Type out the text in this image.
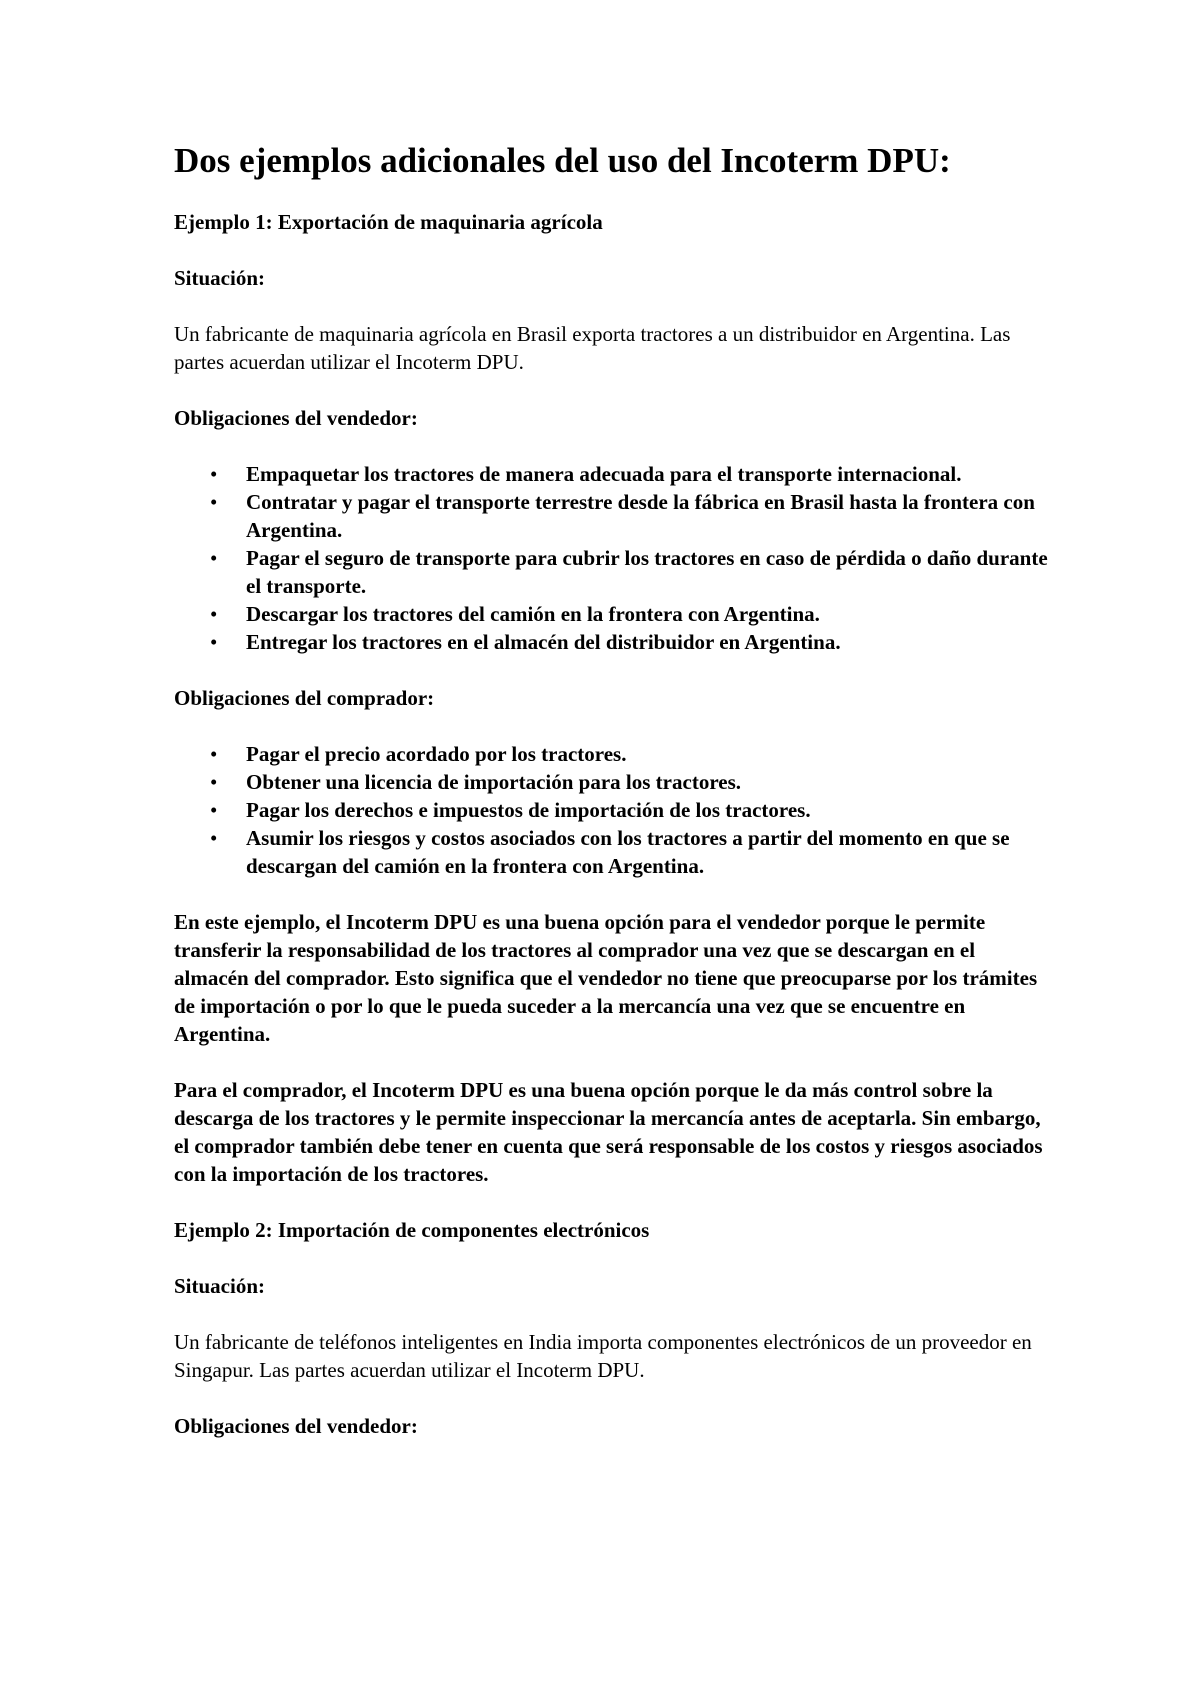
Dos ejemplos adicionales del uso del Incoterm DPU:

Ejemplo 1: Exportación de maquinaria agrícola

Situación:

Un fabricante de maquinaria agrícola en Brasil exporta tractores a un distribuidor en Argentina. Las partes acuerdan utilizar el Incoterm DPU.

Obligaciones del vendedor:

• Empaquetar los tractores de manera adecuada para el transporte internacional.
• Contratar y pagar el transporte terrestre desde la fábrica en Brasil hasta la frontera con Argentina.
• Pagar el seguro de transporte para cubrir los tractores en caso de pérdida o daño durante el transporte.
• Descargar los tractores del camión en la frontera con Argentina.
• Entregar los tractores en el almacén del distribuidor en Argentina.

Obligaciones del comprador:

• Pagar el precio acordado por los tractores.
• Obtener una licencia de importación para los tractores.
• Pagar los derechos e impuestos de importación de los tractores.
• Asumir los riesgos y costos asociados con los tractores a partir del momento en que se descargan del camión en la frontera con Argentina.

En este ejemplo, el Incoterm DPU es una buena opción para el vendedor porque le permite transferir la responsabilidad de los tractores al comprador una vez que se descargan en el almacén del comprador. Esto significa que el vendedor no tiene que preocuparse por los trámites de importación o por lo que le pueda suceder a la mercancía una vez que se encuentre en Argentina.

Para el comprador, el Incoterm DPU es una buena opción porque le da más control sobre la descarga de los tractores y le permite inspeccionar la mercancía antes de aceptarla. Sin embargo, el comprador también debe tener en cuenta que será responsable de los costos y riesgos asociados con la importación de los tractores.

Ejemplo 2: Importación de componentes electrónicos

Situación:

Un fabricante de teléfonos inteligentes en India importa componentes electrónicos de un proveedor en Singapur. Las partes acuerdan utilizar el Incoterm DPU.

Obligaciones del vendedor:
